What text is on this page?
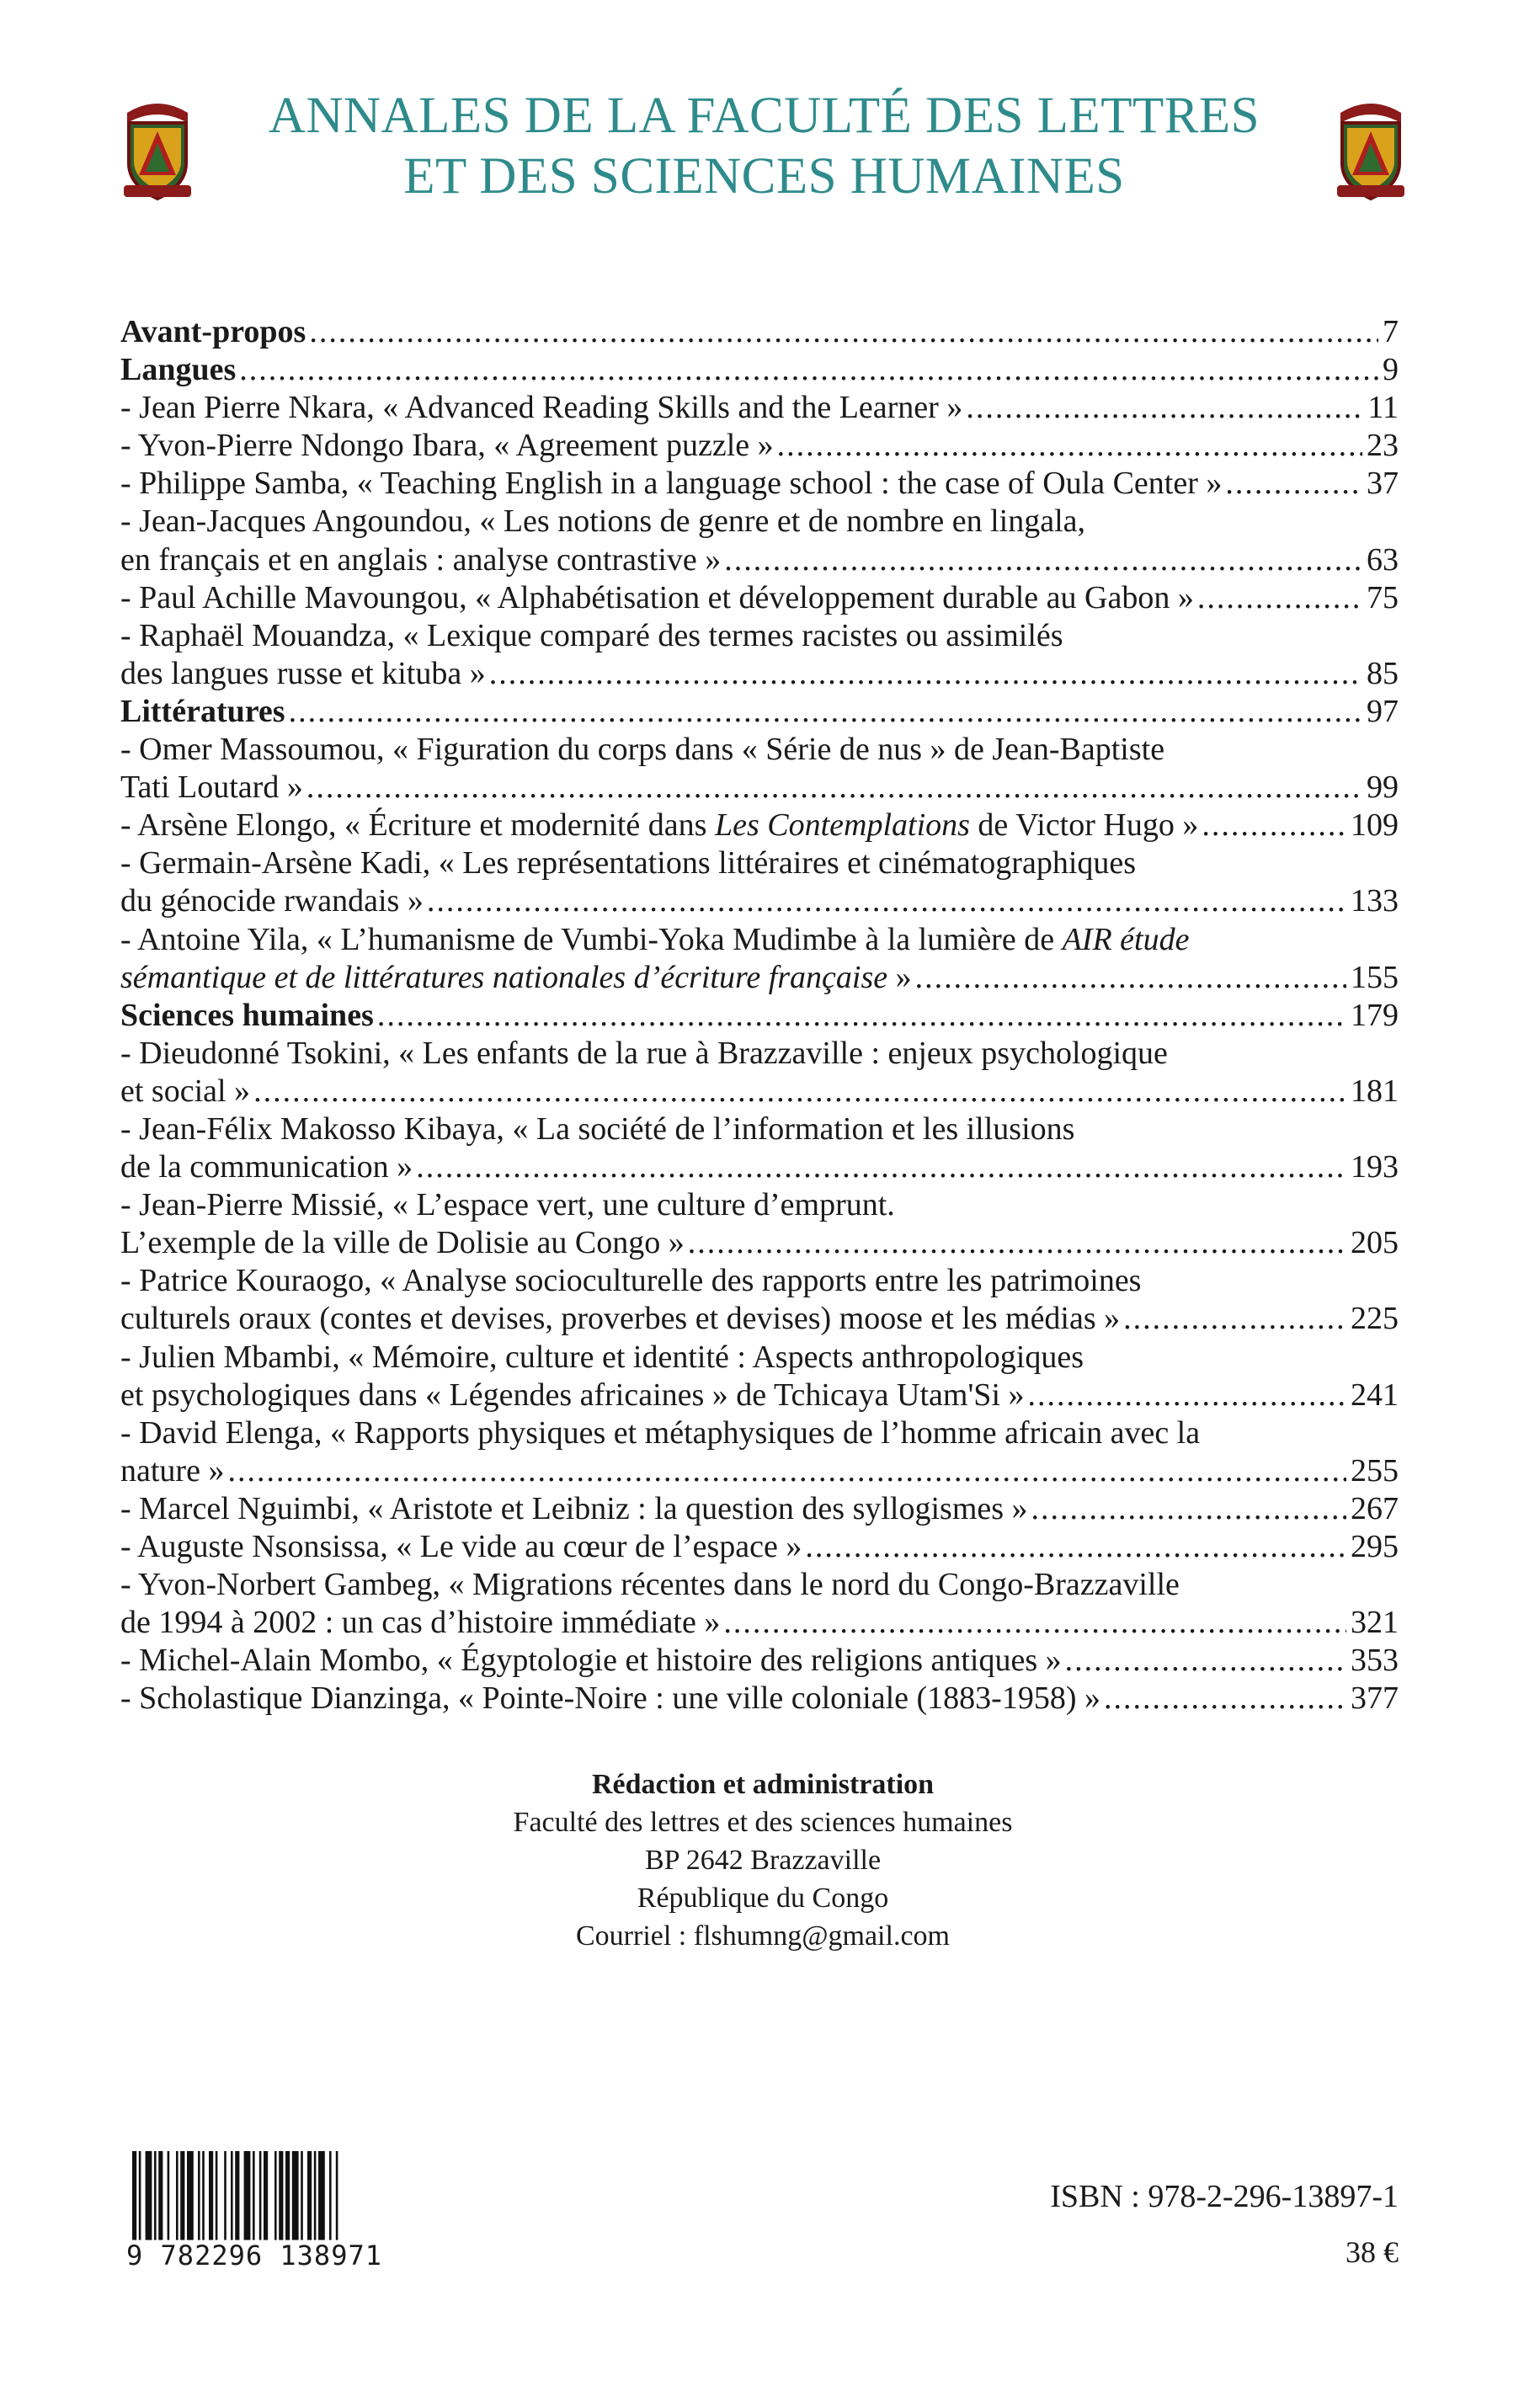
ANNALES DE LA FACULTÉ DES LETTRES
ET DES SCIENCES HUMAINES
Avant-propos .....	7
Langues .....	9
- Jean Pierre Nkara, « Advanced Reading Skills and the Learner » .....	11
- Yvon-Pierre Ndongo Ibara, « Agreement puzzle » .....	23
- Philippe Samba, « Teaching English in a language school : the case of Oula Center » .....	37
- Jean-Jacques Angoundou, « Les notions de genre et de nombre en lingala,
en français et en anglais : analyse contrastive » .....	63
- Paul Achille Mavoungou, « Alphabétisation et développement durable au Gabon » .....	75
- Raphaël Mouandza, « Lexique comparé des termes racistes ou assimilés
des langues russe et kituba » .....	85
Littératures .....	97
- Omer Massoumou, « Figuration du corps dans « Série de nus » de Jean-Baptiste
Tati Loutard » .....	99
- Arsène Elongo, « Écriture et modernité dans Les Contemplations de Victor Hugo » .....	109
- Germain-Arsène Kadi, « Les représentations littéraires et cinématographiques
du génocide rwandais » .....	133
- Antoine Yila, « L’humanisme de Vumbi-Yoka Mudimbe à la lumière de AIR étude
sémantique et de littératures nationales d’écriture française » .....	155
Sciences humaines .....	179
- Dieudonné Tsokini, « Les enfants de la rue à Brazzaville : enjeux psychologique
et social » .....	181
- Jean-Félix Makosso Kibaya, « La société de l’information et les illusions
de la communication » .....	193
- Jean-Pierre Missié, « L’espace vert, une culture d’emprunt.
L’exemple de la ville de Dolisie au Congo » .....	205
- Patrice Kouraogo, « Analyse socioculturelle des rapports entre les patrimoines
culturels oraux (contes et devises, proverbes et devises) moose et les médias » .....	225
- Julien Mbambi, « Mémoire, culture et identité : Aspects anthropologiques
et psychologiques dans « Légendes africaines » de Tchicaya Utam'Si » .....	241
- David Elenga, « Rapports physiques et métaphysiques de l’homme africain avec la
nature » .....	255
- Marcel Nguimbi, « Aristote et Leibniz : la question des syllogismes » .....	267
- Auguste Nsonsissa, « Le vide au cœur de l’espace » .....	295
- Yvon-Norbert Gambeg, « Migrations récentes dans le nord du Congo-Brazzaville
de 1994 à 2002 : un cas d’histoire immédiate » .....	321
- Michel-Alain Mombo, « Égyptologie et histoire des religions antiques » .....	353
- Scholastique Dianzinga, « Pointe-Noire : une ville coloniale (1883-1958) » .....	377
Rédaction et administration
Faculté des lettres et des sciences humaines
BP 2642 Brazzaville
République du Congo
Courriel : flshumng@gmail.com
9 782296 138971
ISBN : 978-2-296-13897-1
38 €
